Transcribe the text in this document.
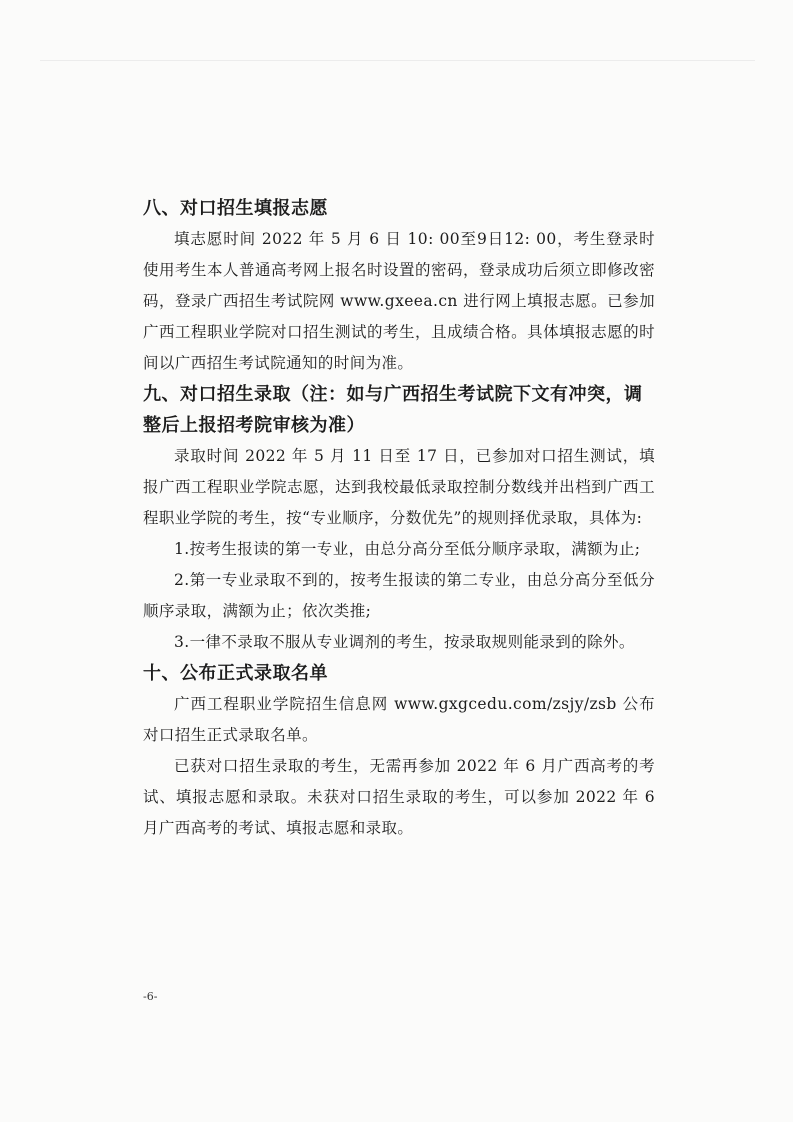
八、对口招生填报志愿

填志愿时间 2022 年 5 月 6 日 10: 00至9日12: 00，考生登录时使用考生本人普通高考网上报名时设置的密码，登录成功后须立即修改密码，登录广西招生考试院网 www.gxeea.cn 进行网上填报志愿。已参加广西工程职业学院对口招生测试的考生，且成绩合格。具体填报志愿的时间以广西招生考试院通知的时间为准。

九、对口招生录取（注：如与广西招生考试院下文有冲突，调整后上报招考院审核为准）

录取时间 2022 年 5 月 11 日至 17 日，已参加对口招生测试，填报广西工程职业学院志愿，达到我校最低录取控制分数线并出档到广西工程职业学院的考生，按“专业顺序，分数优先”的规则择优录取，具体为:

1.按考生报读的第一专业，由总分高分至低分顺序录取，满额为止;

2.第一专业录取不到的，按考生报读的第二专业，由总分高分至低分顺序录取，满额为止；依次类推;

3.一律不录取不服从专业调剂的考生，按录取规则能录到的除外。

十、公布正式录取名单

广西工程职业学院招生信息网 www.gxgcedu.com/zsjy/zsb 公布对口招生正式录取名单。

已获对口招生录取的考生，无需再参加 2022 年 6 月广西高考的考试、填报志愿和录取。未获对口招生录取的考生，可以参加 2022 年 6 月广西高考的考试、填报志愿和录取。

-6-
